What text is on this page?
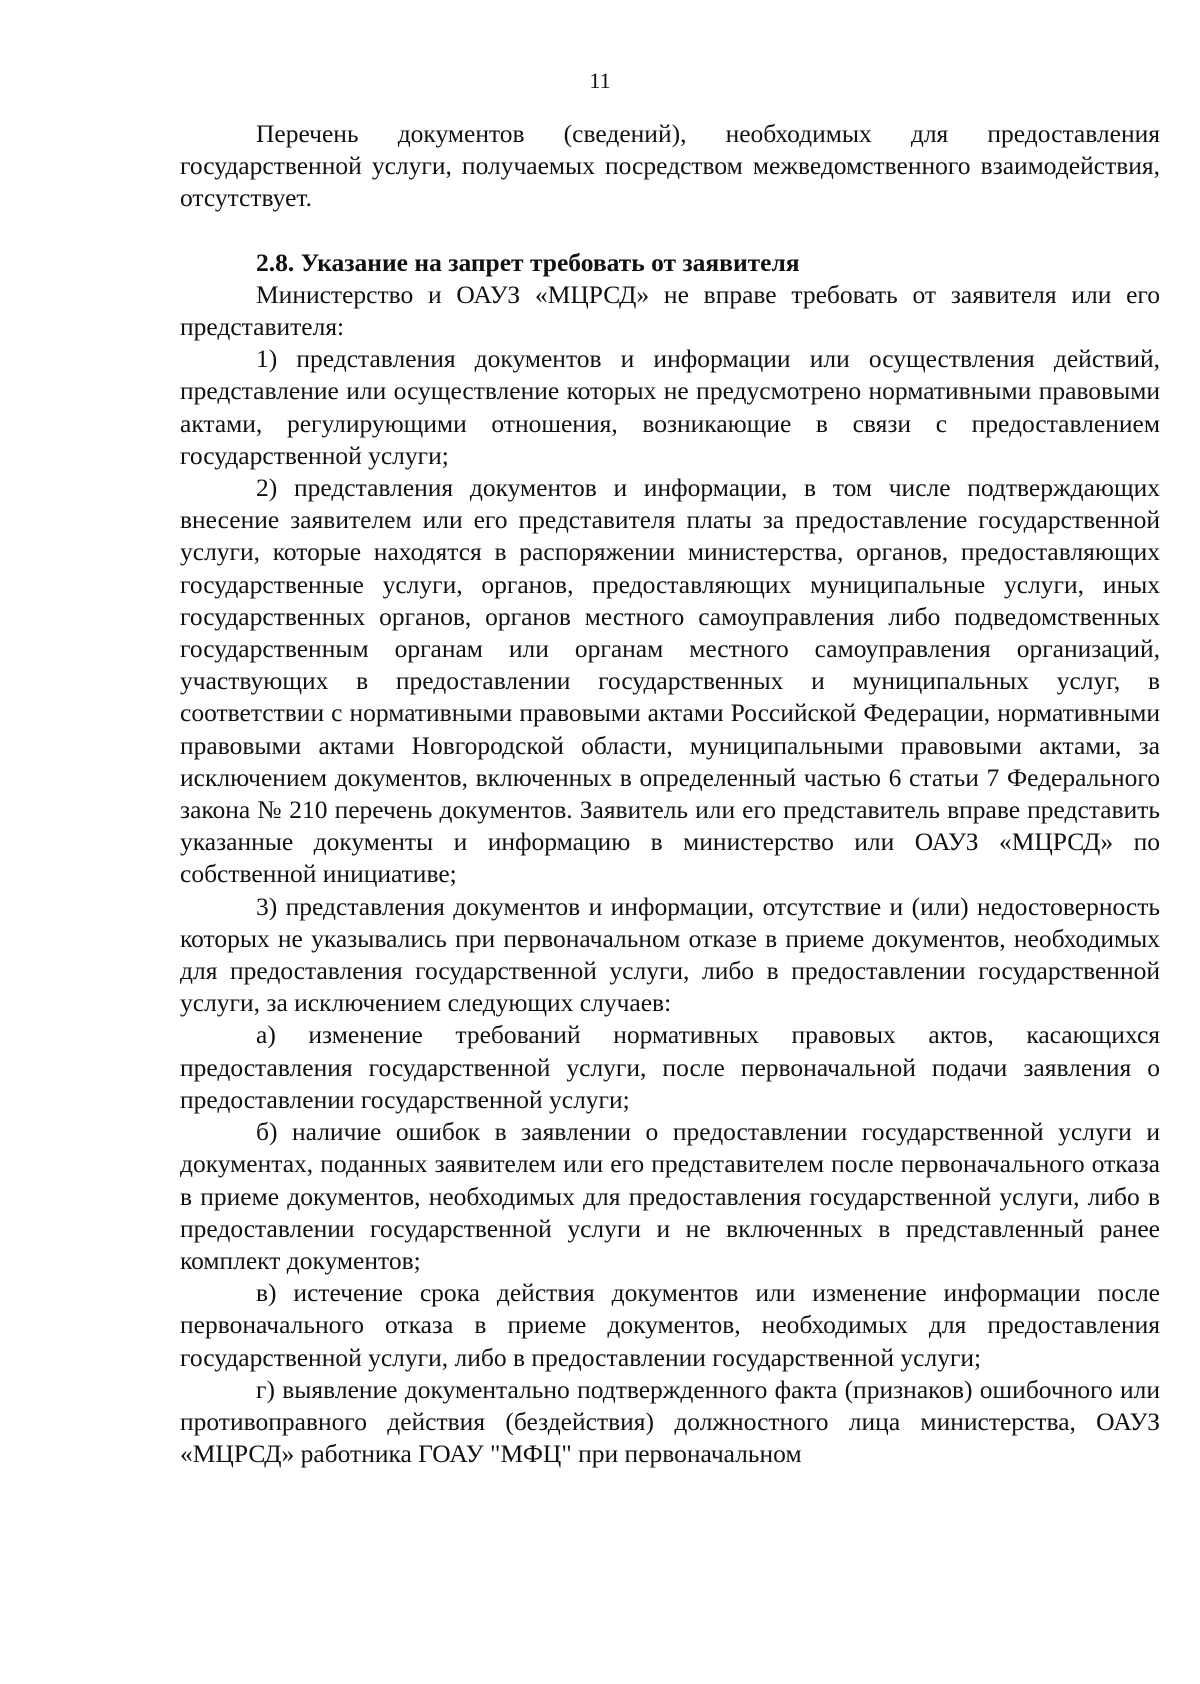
11

Перечень документов (сведений), необходимых для предоставления государственной услуги, получаемых посредством межведомственного взаимодействия, отсутствует.

2.8. Указание на запрет требовать от заявителя

Министерство и ОАУЗ «МЦРСД» не вправе требовать от заявителя или его представителя:

1) представления документов и информации или осуществления действий, представление или осуществление которых не предусмотрено нормативными правовыми актами, регулирующими отношения, возникающие в связи с предоставлением государственной услуги;

2) представления документов и информации, в том числе подтверждающих внесение заявителем или его представителя платы за предоставление государственной услуги, которые находятся в распоряжении министерства, органов, предоставляющих государственные услуги, органов, предоставляющих муниципальные услуги, иных государственных органов, органов местного самоуправления либо подведомственных государственным органам или органам местного самоуправления организаций, участвующих в предоставлении государственных и муниципальных услуг, в соответствии с нормативными правовыми актами Российской Федерации, нормативными правовыми актами Новгородской области, муниципальными правовыми актами, за исключением документов, включенных в определенный частью 6 статьи 7 Федерального закона № 210 перечень документов. Заявитель или его представитель вправе представить указанные документы и информацию в министерство или ОАУЗ «МЦРСД» по собственной инициативе;

3) представления документов и информации, отсутствие и (или) недостоверность которых не указывались при первоначальном отказе в приеме документов, необходимых для предоставления государственной услуги, либо в предоставлении государственной услуги, за исключением следующих случаев:

а) изменение требований нормативных правовых актов, касающихся предоставления государственной услуги, после первоначальной подачи заявления о предоставлении государственной услуги;

б) наличие ошибок в заявлении о предоставлении государственной услуги и документах, поданных заявителем или его представителем после первоначального отказа в приеме документов, необходимых для предоставления государственной услуги, либо в предоставлении государственной услуги и не включенных в представленный ранее комплект документов;

в) истечение срока действия документов или изменение информации после первоначального отказа в приеме документов, необходимых для предоставления государственной услуги, либо в предоставлении государственной услуги;

г) выявление документально подтвержденного факта (признаков) ошибочного или противоправного действия (бездействия) должностного лица министерства, ОАУЗ «МЦРСД» работника ГОАУ "МФЦ" при первоначальном
